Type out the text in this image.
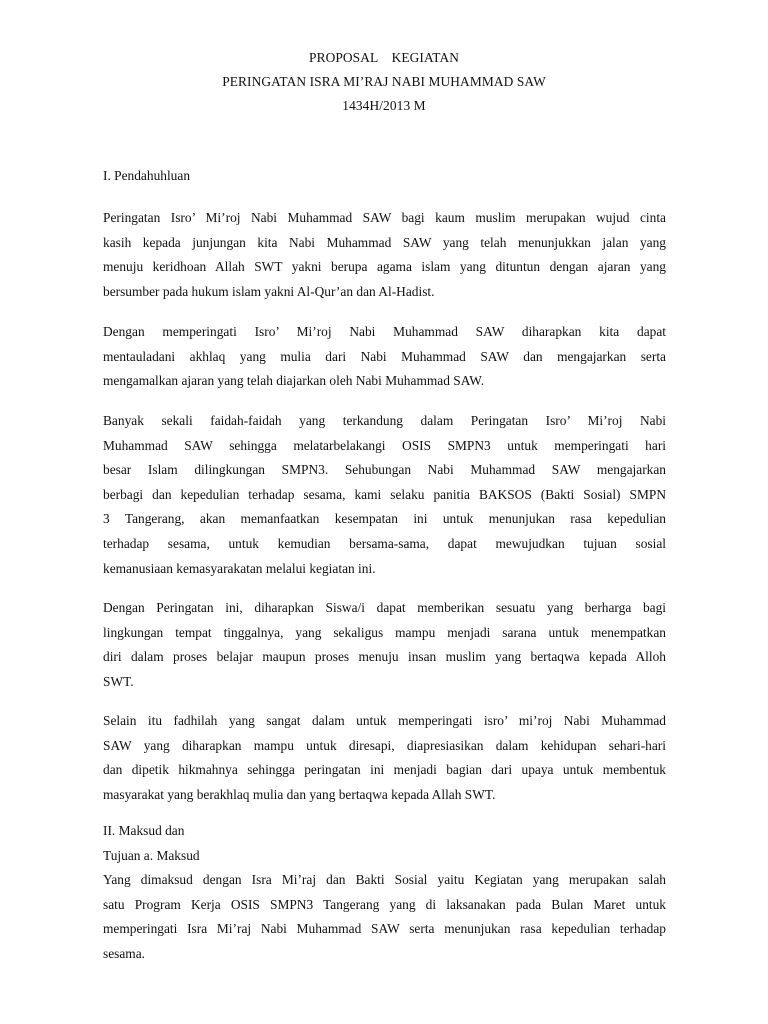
PROPOSAL    KEGIATAN
PERINGATAN ISRA MI’RAJ NABI MUHAMMAD SAW
1434H/2013 M
I. Pendahuhluan
Peringatan Isro’ Mi’roj Nabi Muhammad SAW bagi kaum muslim merupakan wujud cinta
kasih kepada junjungan kita Nabi Muhammad SAW yang telah menunjukkan jalan yang
menuju keridhoan Allah SWT yakni berupa agama islam yang dituntun dengan ajaran yang
bersumber pada hukum islam yakni Al-Qur’an dan Al-Hadist.
Dengan memperingati Isro’ Mi’roj Nabi Muhammad SAW diharapkan kita dapat
mentauladani akhlaq yang mulia dari Nabi Muhammad SAW dan mengajarkan serta
mengamalkan ajaran yang telah diajarkan oleh Nabi Muhammad SAW.
Banyak sekali faidah-faidah yang terkandung dalam Peringatan Isro’ Mi’roj Nabi
Muhammad SAW sehingga melatarbelakangi OSIS SMPN3 untuk memperingati hari
besar Islam dilingkungan SMPN3. Sehubungan Nabi Muhammad SAW mengajarkan
berbagi dan kepedulian terhadap sesama, kami selaku panitia BAKSOS (Bakti Sosial) SMPN
3 Tangerang, akan memanfaatkan kesempatan ini untuk menunjukan rasa kepedulian
terhadap sesama, untuk kemudian bersama-sama, dapat mewujudkan tujuan sosial
kemanusiaan kemasyarakatan melalui kegiatan ini.
Dengan Peringatan ini, diharapkan Siswa/i dapat memberikan sesuatu yang berharga bagi
lingkungan tempat tinggalnya, yang sekaligus mampu menjadi sarana untuk menempatkan
diri dalam proses belajar maupun proses menuju insan muslim yang bertaqwa kepada Alloh
SWT.
Selain itu fadhilah yang sangat dalam untuk memperingati isro’ mi’roj Nabi Muhammad
SAW yang diharapkan mampu untuk diresapi, diapresiasikan dalam kehidupan sehari-hari
dan dipetik hikmahnya sehingga peringatan ini menjadi bagian dari upaya untuk membentuk
masyarakat yang berakhlaq mulia dan yang bertaqwa kepada Allah SWT.
II. Maksud dan
Tujuan a. Maksud
Yang dimaksud dengan Isra Mi’raj dan Bakti Sosial yaitu Kegiatan yang merupakan salah
satu Program Kerja OSIS SMPN3 Tangerang yang di laksanakan pada Bulan Maret untuk
memperingati Isra Mi’raj Nabi Muhammad SAW serta menunjukan rasa kepedulian terhadap
sesama.
